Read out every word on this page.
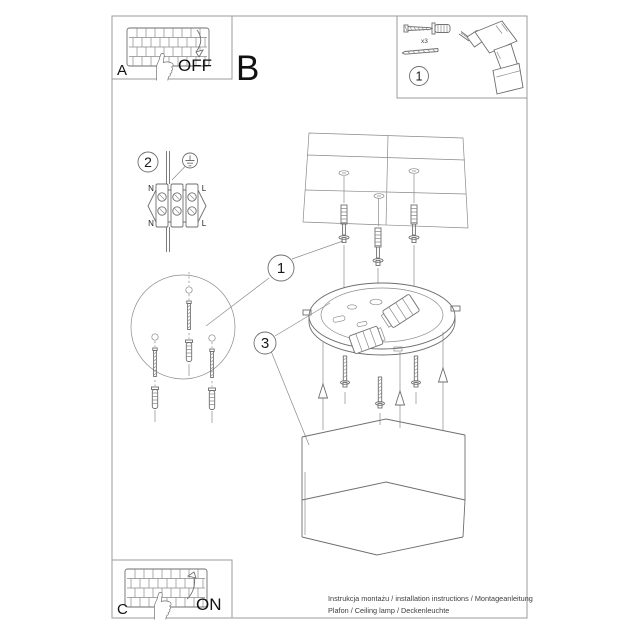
A	OFF B
x3
1
2
N	L
N	L
1
3
C	ON	Instrukcja montażu / installation instructions / Montageanleitung
Plafon / Ceiling lamp / Deckenleuchte
